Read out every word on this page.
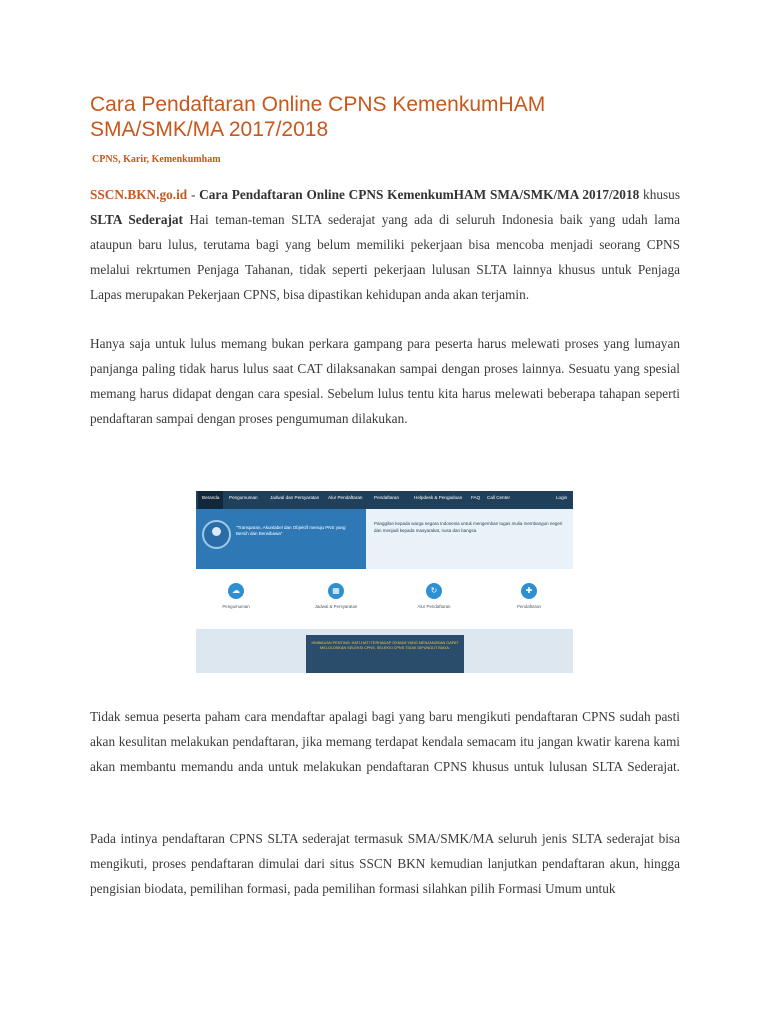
Cara Pendaftaran Online CPNS KemenkumHAM SMA/SMK/MA 2017/2018
CPNS, Karir, Kemenkumham

SSCN.BKN.go.id - Cara Pendaftaran Online CPNS KemenkumHAM SMA/SMK/MA 2017/2018 khusus SLTA Sederajat Hai teman-teman SLTA sederajat yang ada di seluruh Indonesia baik yang udah lama ataupun baru lulus, terutama bagi yang belum memiliki pekerjaan bisa mencoba menjadi seorang CPNS melalui rekrtumen Penjaga Tahanan, tidak seperti pekerjaan lulusan SLTA lainnya khusus untuk Penjaga Lapas merupakan Pekerjaan CPNS, bisa dipastikan kehidupan anda akan terjamin.

Hanya saja untuk lulus memang bukan perkara gampang para peserta harus melewati proses yang lumayan panjanga paling tidak harus lulus saat CAT dilaksanakan sampai dengan proses lainnya. Sesuatu yang spesial memang harus didapat dengan cara spesial. Sebelum lulus tentu kita harus melewati beberapa tahapan seperti pendaftaran sampai dengan proses pengumuman dilakukan.

Tidak semua peserta paham cara mendaftar apalagi bagi yang baru mengikuti pendaftaran CPNS sudah pasti akan kesulitan melakukan pendaftaran, jika memang terdapat kendala semacam itu jangan kwatir karena kami akan membantu memandu anda untuk melakukan pendaftaran CPNS khusus untuk lulusan SLTA Sederajat.

Pada intinya pendaftaran CPNS SLTA sederajat termasuk SMA/SMK/MA seluruh jenis SLTA sederajat bisa mengikuti, proses pendaftaran dimulai dari situs SSCN BKN kemudian lanjutkan pendaftaran akun, hingga pengisian biodata, pemilihan formasi, pada pemilihan formasi silahkan pilih Formasi Umum untuk

Beranda	Pengumuman	Jadwal dan Persyaratan Alur Pendaftaran	Pendaftaran	Helpdesk & Pengaduan FAQ Call Center	Login
"Transparan, Akuntabel dan Objektif menuju PNS yang Bersih dan Berwibawa"
Panggilan kepada warga negara Indonesia untuk mengemban tugas mulia membangun negeri dan menjadi kepada masyarakat, nusa dan bangsa.
☁
Pengumuman
▦
Jadwal & Persyaratan
↻
Alur Pendaftaran
✚
Pendaftaran
HIMBAUAN PENTING: HATI-HATI TERHADAP OKNUM YANG MENJANJIKAN DAPAT MELOLOSKAN SELEKSI CPNS. SELEKSI CPNS TIDAK DIPUNGUT BIAYA.
